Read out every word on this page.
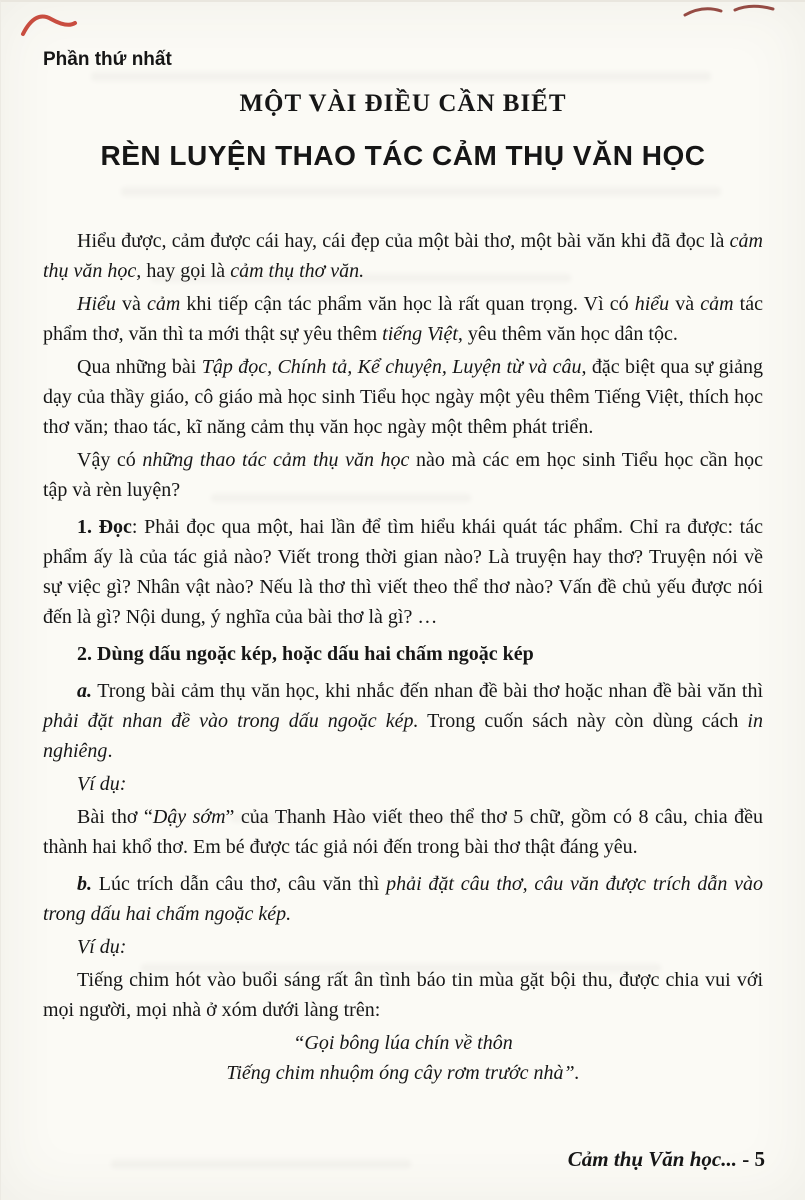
Phần thứ nhất
MỘT VÀI ĐIỀU CẦN BIẾT
RÈN LUYỆN THAO TÁC CẢM THỤ VĂN HỌC

Hiểu được, cảm được cái hay, cái đẹp của một bài thơ, một bài văn khi đã đọc là cảm thụ văn học, hay gọi là cảm thụ thơ văn.

Hiểu và cảm khi tiếp cận tác phẩm văn học là rất quan trọng. Vì có hiểu và cảm tác phẩm thơ, văn thì ta mới thật sự yêu thêm tiếng Việt, yêu thêm văn học dân tộc.

Qua những bài Tập đọc, Chính tả, Kể chuyện, Luyện từ và câu, đặc biệt qua sự giảng dạy của thầy giáo, cô giáo mà học sinh Tiểu học ngày một yêu thêm Tiếng Việt, thích học thơ văn; thao tác, kĩ năng cảm thụ văn học ngày một thêm phát triển.

Vậy có những thao tác cảm thụ văn học nào mà các em học sinh Tiểu học cần học tập và rèn luyện?

1. Đọc: Phải đọc qua một, hai lần để tìm hiểu khái quát tác phẩm. Chỉ ra được: tác phẩm ấy là của tác giả nào? Viết trong thời gian nào? Là truyện hay thơ? Truyện nói về sự việc gì? Nhân vật nào? Nếu là thơ thì viết theo thể thơ nào? Vấn đề chủ yếu được nói đến là gì? Nội dung, ý nghĩa của bài thơ là gì? …

2. Dùng dấu ngoặc kép, hoặc dấu hai chấm ngoặc kép

a. Trong bài cảm thụ văn học, khi nhắc đến nhan đề bài thơ hoặc nhan đề bài văn thì phải đặt nhan đề vào trong dấu ngoặc kép. Trong cuốn sách này còn dùng cách in nghiêng.

Ví dụ:

Bài thơ “Dậy sớm” của Thanh Hào viết theo thể thơ 5 chữ, gồm có 8 câu, chia đều thành hai khổ thơ. Em bé được tác giả nói đến trong bài thơ thật đáng yêu.

b. Lúc trích dẫn câu thơ, câu văn thì phải đặt câu thơ, câu văn được trích dẫn vào trong dấu hai chấm ngoặc kép.

Ví dụ:

Tiếng chim hót vào buổi sáng rất ân tình báo tin mùa gặt bội thu, được chia vui với mọi người, mọi nhà ở xóm dưới làng trên:

“Gọi bông lúa chín về thôn

Tiếng chim nhuộm óng cây rơm trước nhà”.

Cảm thụ Văn học... - 5
